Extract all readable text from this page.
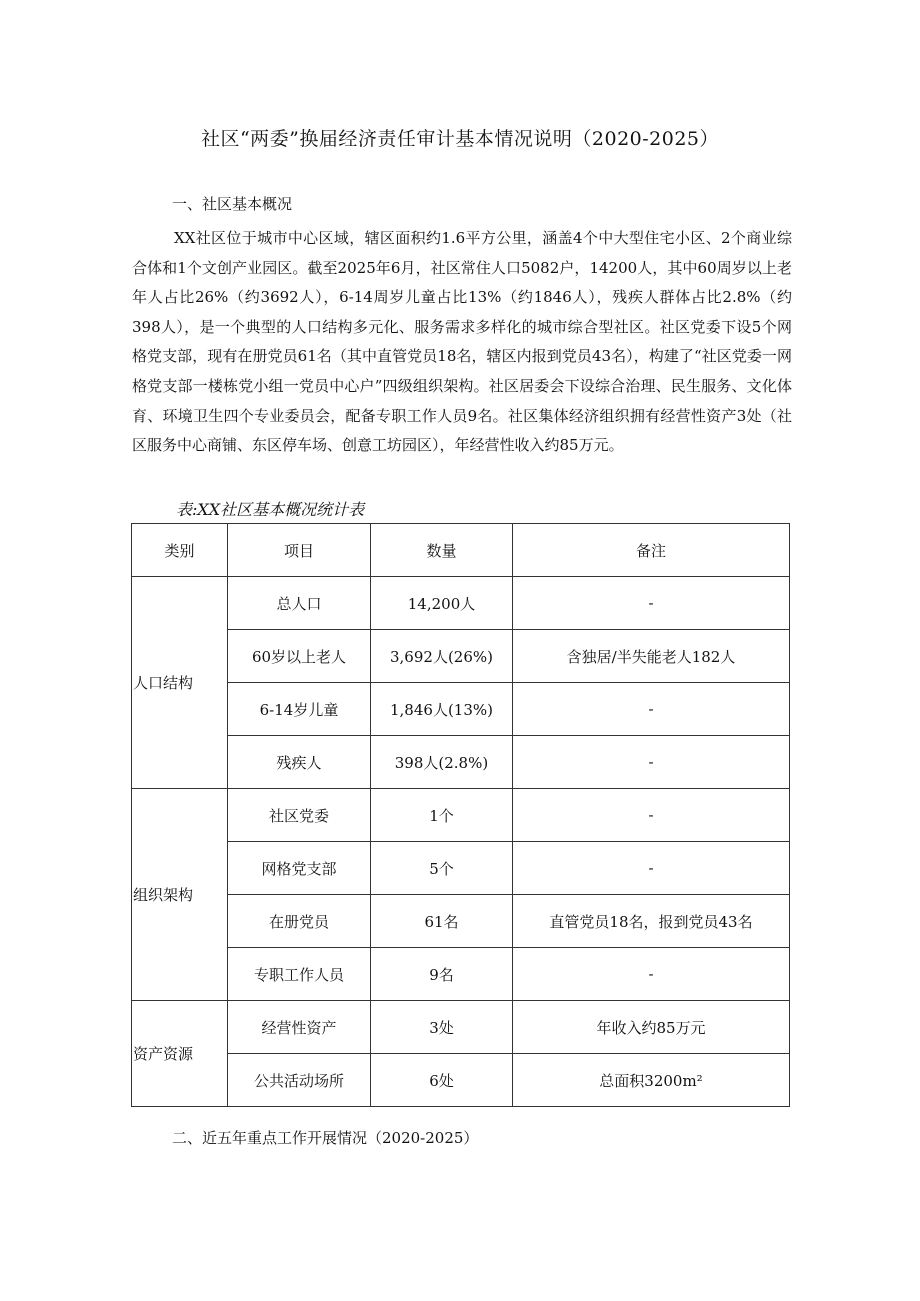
社区“两委”换届经济责任审计基本情况说明（2020-2025）
一、社区基本概况

XX社区位于城市中心区域，辖区面积约1.6平方公里，涵盖4个中大型住宅小区、2个商业综合体和1个文创产业园区。截至2025年6月，社区常住人口5082户，14200人，其中60周岁以上老年人占比26%（约3692人），6-14周岁儿童占比13%（约1846人），残疾人群体占比2.8%（约398人），是一个典型的人口结构多元化、服务需求多样化的城市综合型社区。社区党委下设5个网格党支部，现有在册党员61名（其中直管党员18名，辖区内报到党员43名），构建了“社区党委一网格党支部一楼栋党小组一党员中心户”四级组织架构。社区居委会下设综合治理、民生服务、文化体育、环境卫生四个专业委员会，配备专职工作人员9名。社区集体经济组织拥有经营性资产3处（社区服务中心商铺、东区停车场、创意工坊园区），年经营性收入约85万元。

表:XX社区基本概况统计表
类别	项目	数量	备注
人口结构	总人口	14,200人	-
	60岁以上老人	3,692人(26%)	含独居/半失能老人182人
	6-14岁儿童	1,846人(13%)	-
	残疾人	398人(2.8%)	-
组织架构	社区党委	1个	-
	网格党支部	5个	-
	在册党员	61名	直管党员18名，报到党员43名
	专职工作人员	9名	-
资产资源	经营性资产	3处	年收入约85万元
	公共活动场所	6处	总面积3200m²
二、近五年重点工作开展情况（2020-2025）
